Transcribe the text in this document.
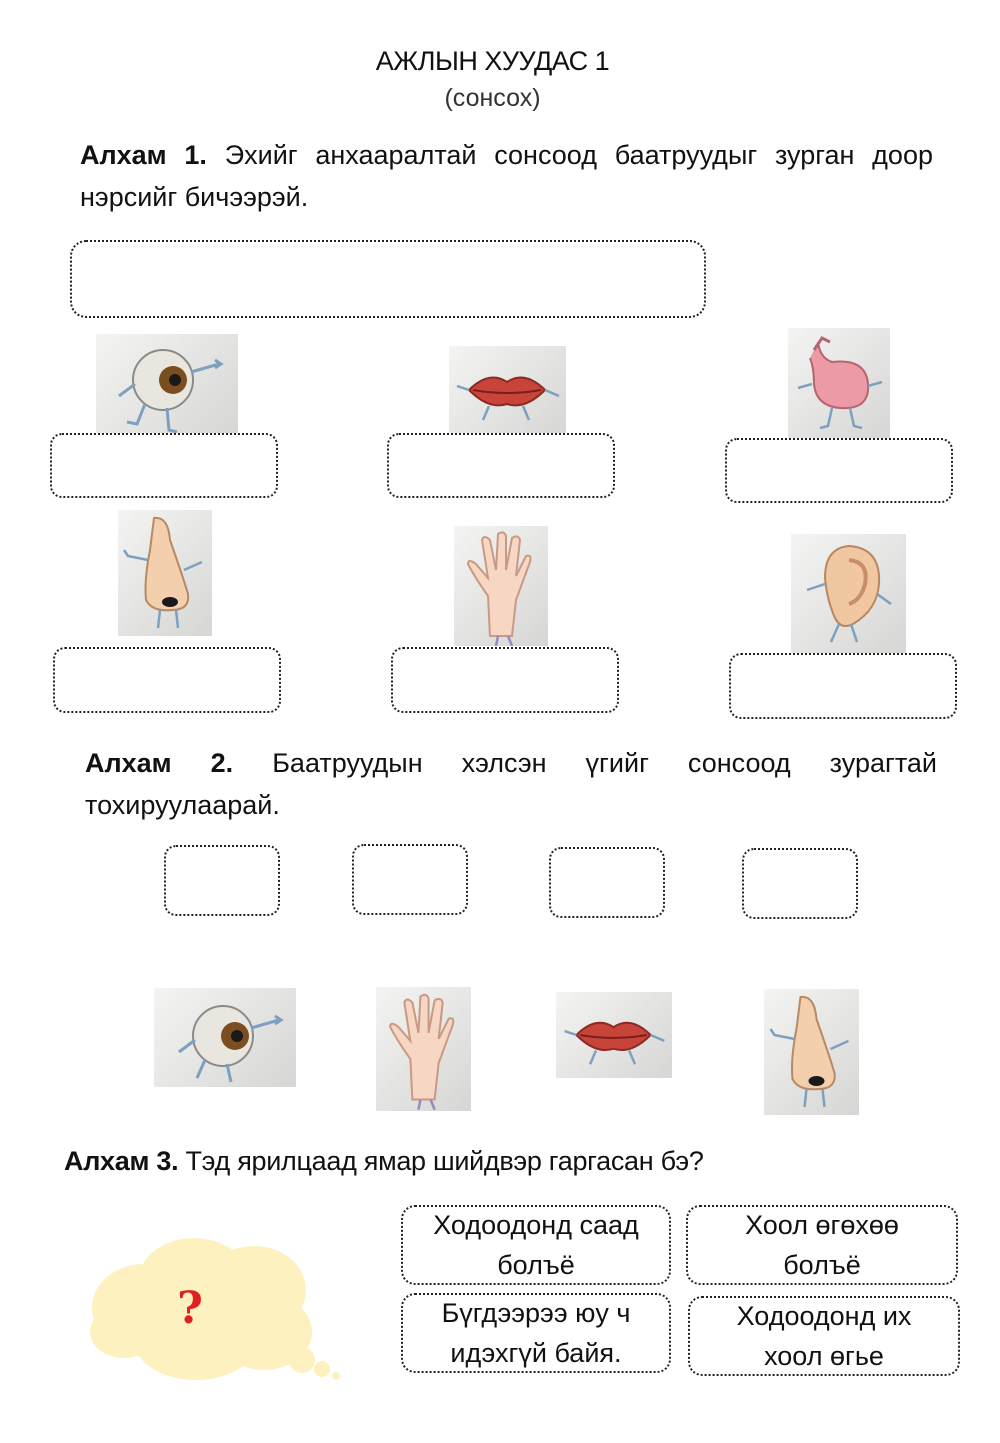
АЖЛЫН ХУУДАС 1
(сонсох)
Алхам 1. Эхийг анхааралтай сонсоод баатруудыг зурган доор нэрсийг бичээрэй.
Алхам 2. Баатруудын хэлсэн үгийг сонсоод зурагтай тохируулаарай.
Алхам 3. Тэд ярилцаад ямар шийдвэр гаргасан бэ?
?
Ходоодонд саад
болъё
Хоол өгөхөө
болъё
Бүгдээрээ юу ч
идэхгүй байя.
Ходоодонд их
хоол өгье
